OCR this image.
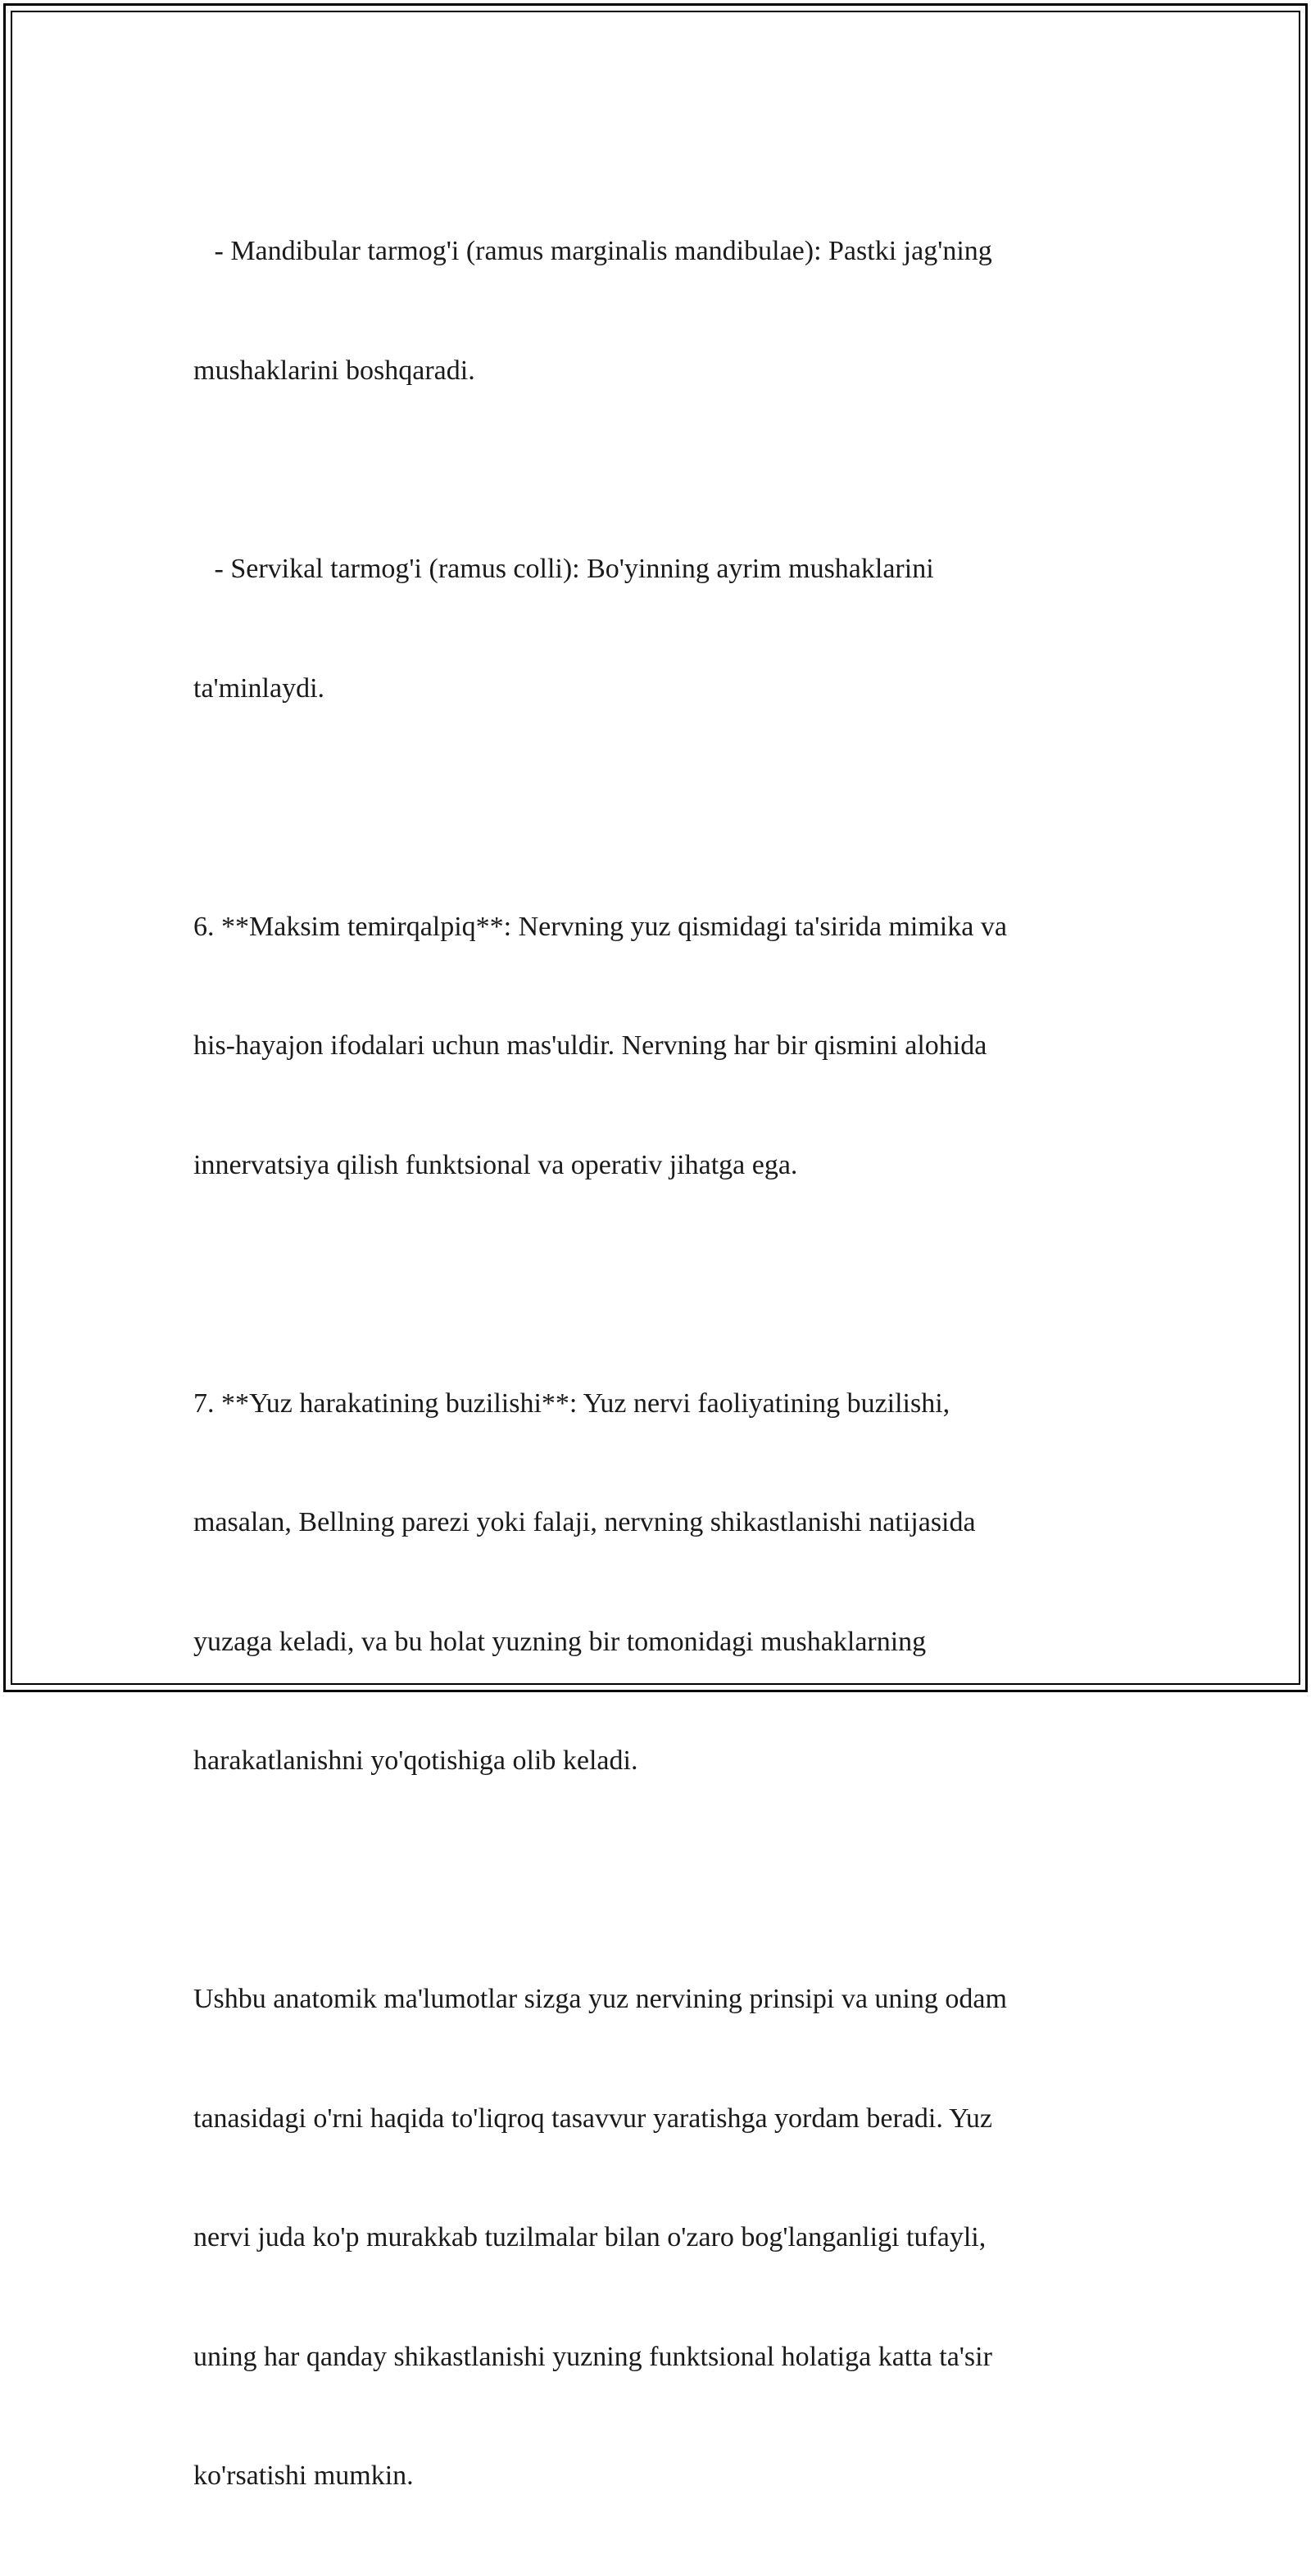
- Mandibular tarmog'i (ramus marginalis mandibulae): Pastki jag'ning

mushaklarini boshqaradi.

- Servikal tarmog'i (ramus colli): Bo'yinning ayrim mushaklarini

ta'minlaydi.

6. **Maksim temirqalpiq**: Nervning yuz qismidagi ta'sirida mimika va

his-hayajon ifodalari uchun mas'uldir. Nervning har bir qismini alohida

innervatsiya qilish funktsional va operativ jihatga ega.

7. **Yuz harakatining buzilishi**: Yuz nervi faoliyatining buzilishi,

masalan, Bellning parezi yoki falaji, nervning shikastlanishi natijasida

yuzaga keladi, va bu holat yuzning bir tomonidagi mushaklarning

harakatlanishni yo'qotishiga olib keladi.

Ushbu anatomik ma'lumotlar sizga yuz nervining prinsipi va uning odam

tanasidagi o'rni haqida to'liqroq tasavvur yaratishga yordam beradi. Yuz

nervi juda ko'p murakkab tuzilmalar bilan o'zaro bog'langanligi tufayli,

uning har qanday shikastlanishi yuzning funktsional holatiga katta ta'sir

ko'rsatishi mumkin.
